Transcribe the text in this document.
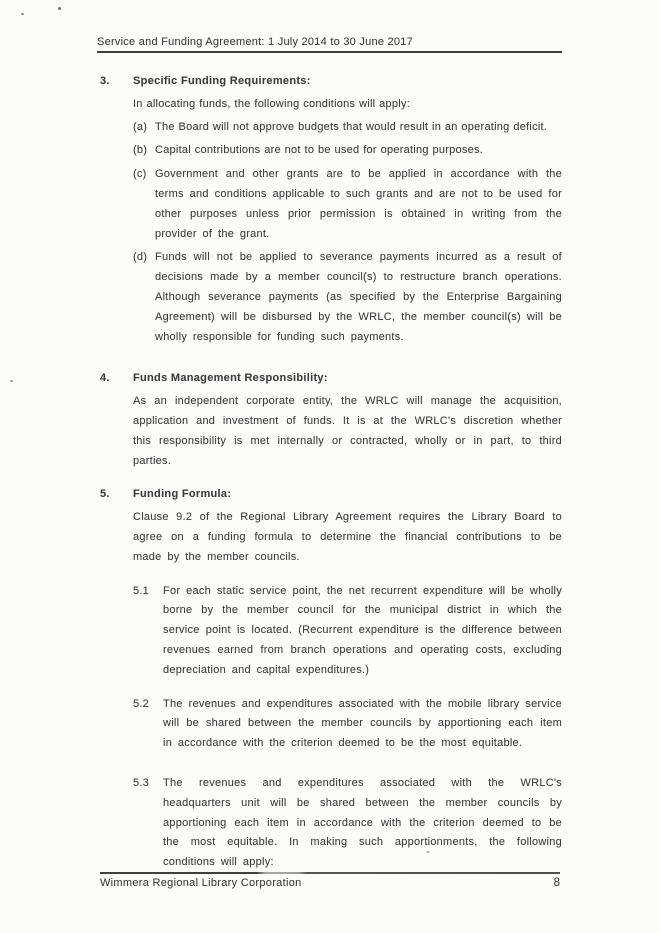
Service and Funding Agreement: 1 July 2014 to 30 June 2017
3.	Specific Funding Requirements:

In allocating funds, the following conditions will apply:

(a) The Board will not approve budgets that would result in an operating deficit.

(b) Capital contributions are not to be used for operating purposes.

(c) Government and other grants are to be applied in accordance with the terms and conditions applicable to such grants and are not to be used for other purposes unless prior permission is obtained in writing from the provider of the grant.

(d) Funds will not be applied to severance payments incurred as a result of decisions made by a member council(s) to restructure branch operations. Although severance payments (as specified by the Enterprise Bargaining Agreement) will be disbursed by the WRLC, the member council(s) will be wholly responsible for funding such payments.

4.	Funds Management Responsibility:

As an independent corporate entity, the WRLC will manage the acquisition, application and investment of funds. It is at the WRLC's discretion whether this responsibility is met internally or contracted, wholly or in part, to third parties.

5.	Funding Formula:

Clause 9.2 of the Regional Library Agreement requires the Library Board to agree on a funding formula to determine the financial contributions to be made by the member councils.

5.1	For each static service point, the net recurrent expenditure will be wholly borne by the member council for the municipal district in which the service point is located. (Recurrent expenditure is the difference between revenues earned from branch operations and operating costs, excluding depreciation and capital expenditures.)

5.2	The revenues and expenditures associated with the mobile library service will be shared between the member councils by apportioning each item in accordance with the criterion deemed to be the most equitable.

5.3	The revenues and expenditures associated with the WRLC's headquarters unit will be shared between the member councils by apportioning each item in accordance with the criterion deemed to be the most equitable. In making such apportionments, the following conditions will apply:

Wimmera Regional Library Corporation	8
